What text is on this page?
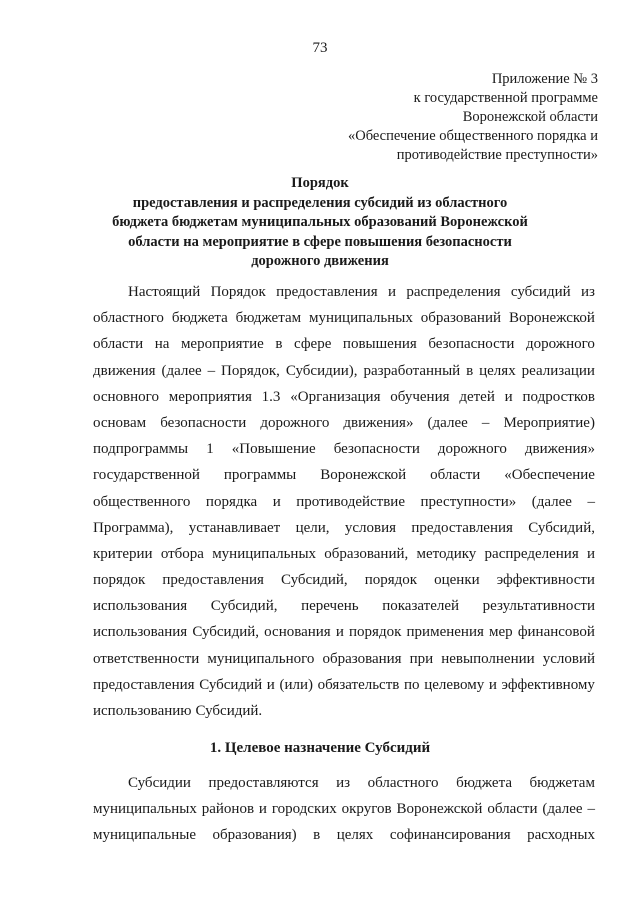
73
Приложение № 3
к государственной программе
Воронежской области
«Обеспечение общественного порядка и
противодействие преступности»
Порядок
предоставления и распределения субсидий из областного
бюджета бюджетам муниципальных образований Воронежской
области на мероприятие в сфере повышения безопасности
дорожного движения
Настоящий Порядок предоставления и распределения субсидий из
областного бюджета бюджетам муниципальных образований Воронежской
области на мероприятие в сфере повышения безопасности дорожного
движения (далее – Порядок, Субсидии), разработанный в целях реализации
основного мероприятия 1.3 «Организация обучения детей и подростков
основам безопасности дорожного движения» (далее – Мероприятие)
подпрограммы 1 «Повышение безопасности дорожного движения»
государственной программы Воронежской области «Обеспечение
общественного порядка и противодействие преступности» (далее –
Программа), устанавливает цели, условия предоставления Субсидий,
критерии отбора муниципальных образований, методику распределения и
порядок предоставления Субсидий, порядок оценки эффективности
использования Субсидий, перечень показателей результативности
использования Субсидий, основания и порядок применения мер финансовой
ответственности муниципального образования при невыполнении условий
предоставления Субсидий и (или) обязательств по целевому и эффективному
использованию Субсидий.
1. Целевое назначение Субсидий
Субсидии предоставляются из областного бюджета бюджетам
муниципальных районов и городских округов Воронежской области (далее –
муниципальные образования) в целях софинансирования расходных
